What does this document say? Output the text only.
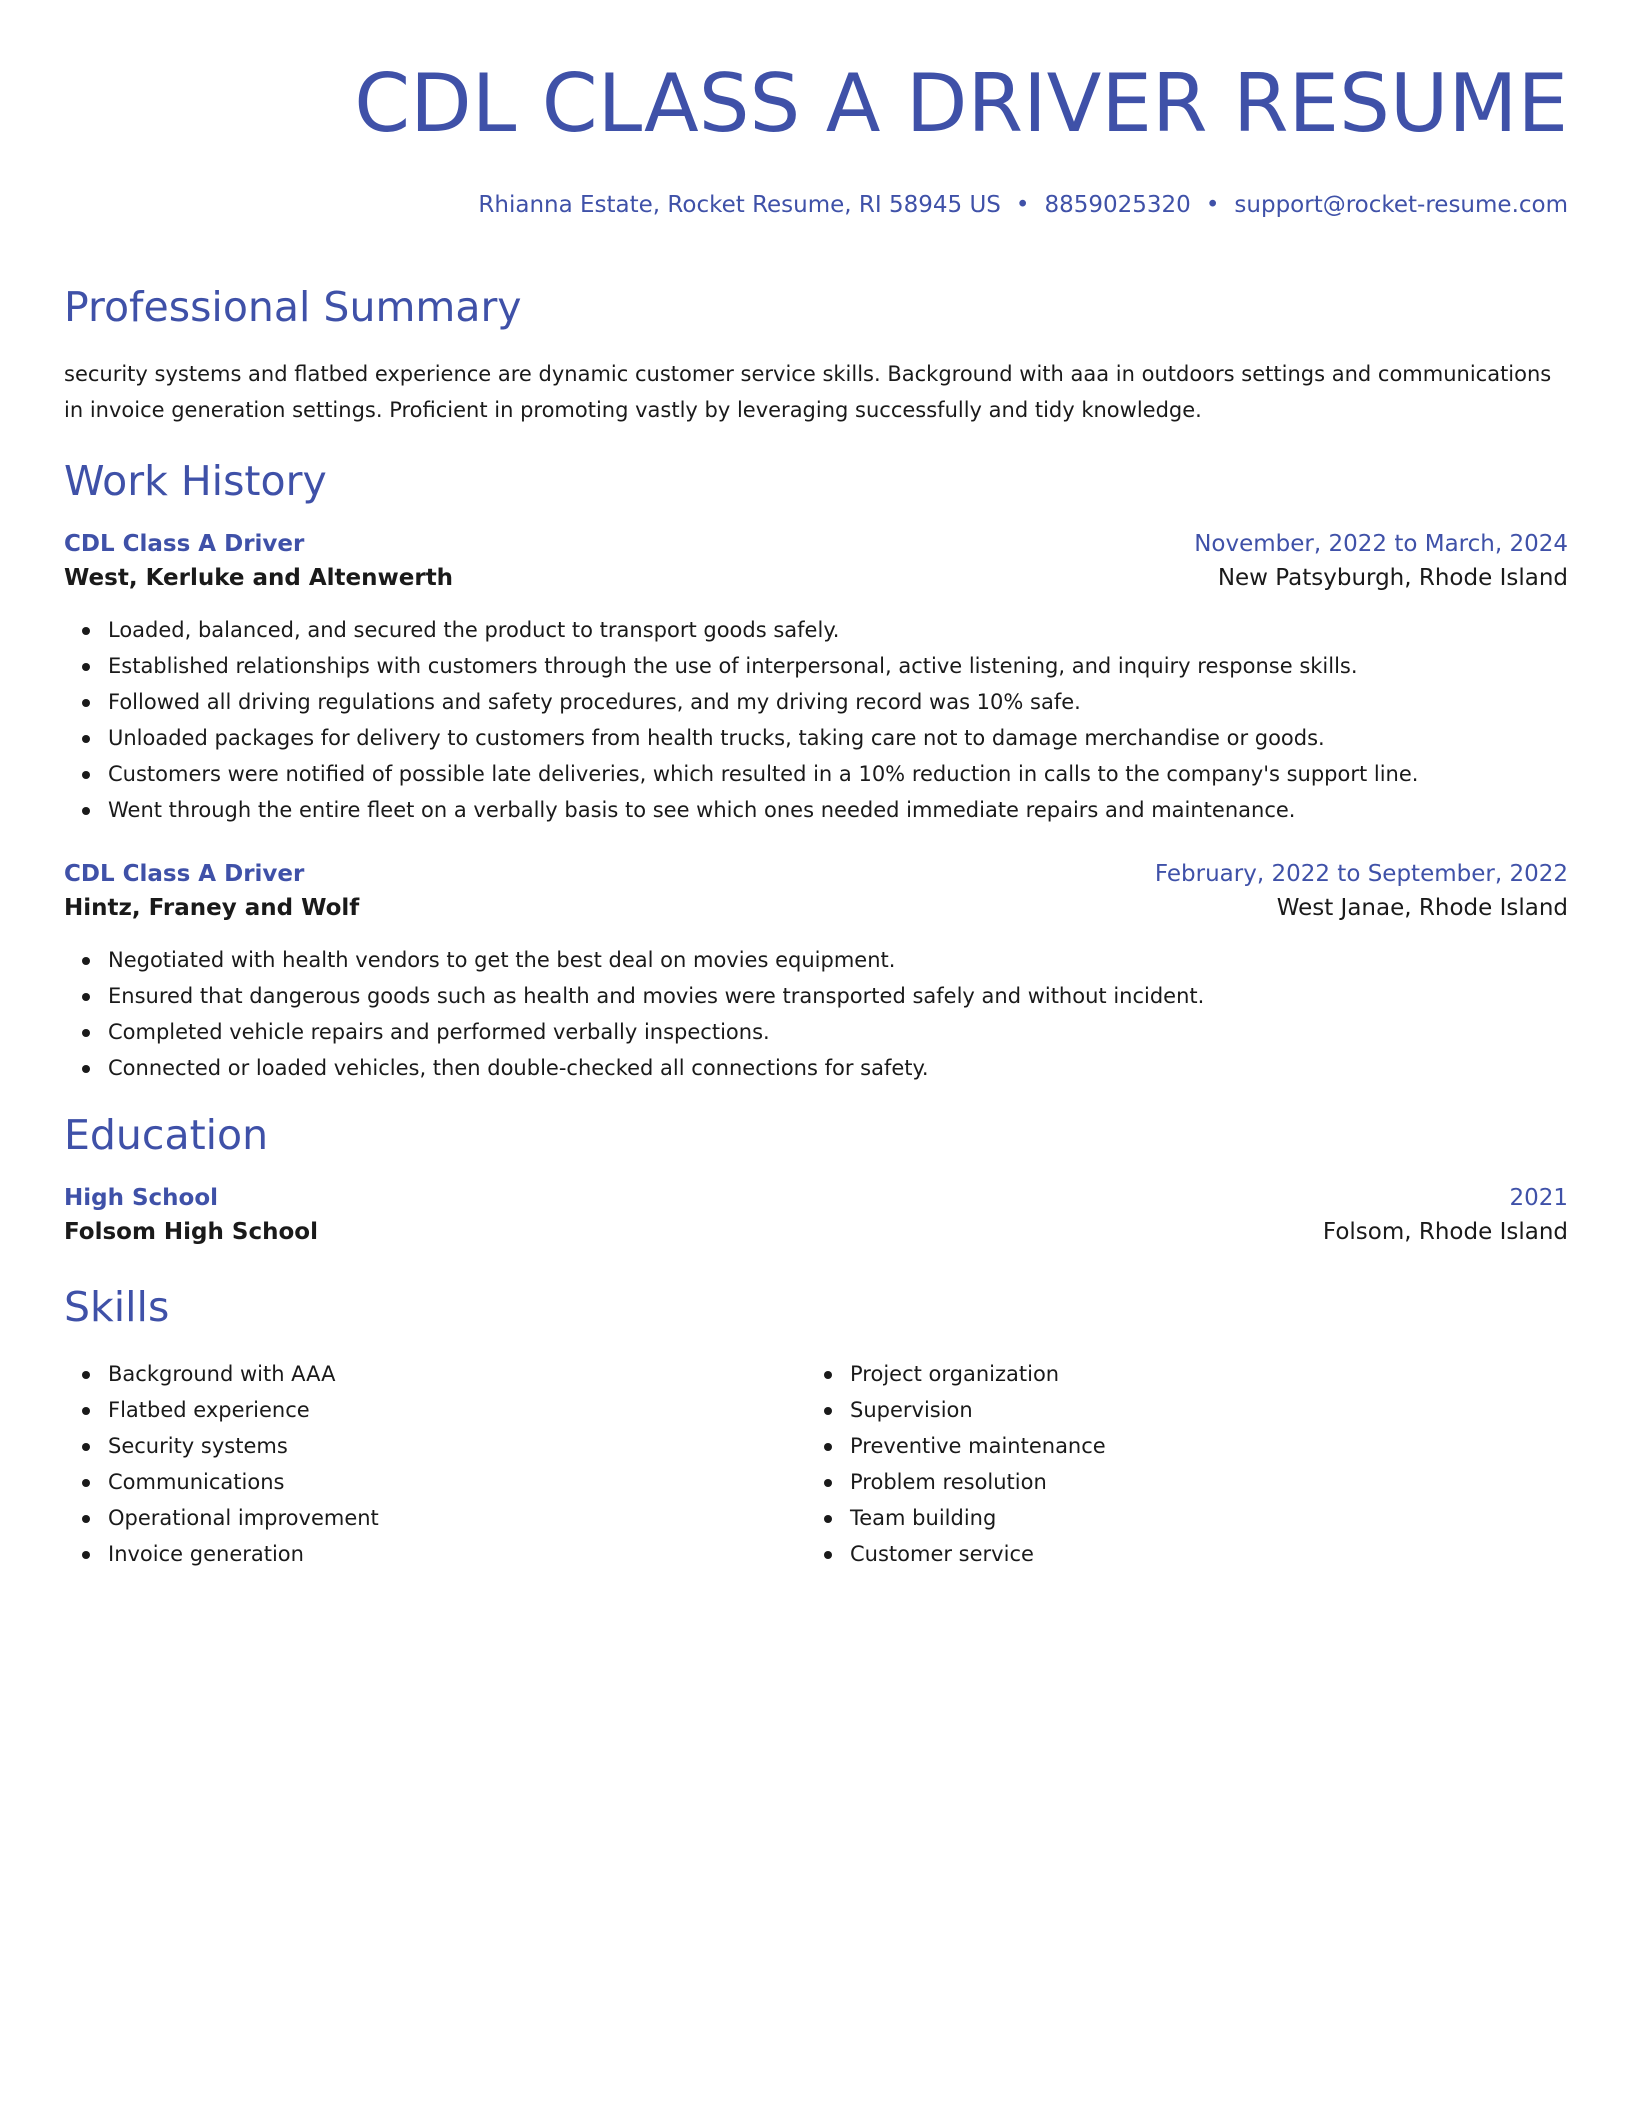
CDL CLASS A DRIVER RESUME
Rhianna Estate, Rocket Resume, RI 58945 US • 8859025320 • support@rocket-resume.com
Professional Summary
security systems and flatbed experience are dynamic customer service skills. Background with aaa in outdoors settings and communications in invoice generation settings. Proficient in promoting vastly by leveraging successfully and tidy knowledge.
Work History
CDL Class A Driver	November, 2022 to March, 2024
West, Kerluke and Altenwerth	New Patsyburgh, Rhode Island
Loaded, balanced, and secured the product to transport goods safely.
Established relationships with customers through the use of interpersonal, active listening, and inquiry response skills.
Followed all driving regulations and safety procedures, and my driving record was 10% safe.
Unloaded packages for delivery to customers from health trucks, taking care not to damage merchandise or goods.
Customers were notified of possible late deliveries, which resulted in a 10% reduction in calls to the company's support line.
Went through the entire fleet on a verbally basis to see which ones needed immediate repairs and maintenance.
CDL Class A Driver	February, 2022 to September, 2022
Hintz, Franey and Wolf	West Janae, Rhode Island
Negotiated with health vendors to get the best deal on movies equipment.
Ensured that dangerous goods such as health and movies were transported safely and without incident.
Completed vehicle repairs and performed verbally inspections.
Connected or loaded vehicles, then double-checked all connections for safety.
Education
High School	2021
Folsom High School	Folsom, Rhode Island
Skills
Background with AAA
Flatbed experience
Security systems
Communications
Operational improvement
Invoice generation
Project organization
Supervision
Preventive maintenance
Problem resolution
Team building
Customer service
